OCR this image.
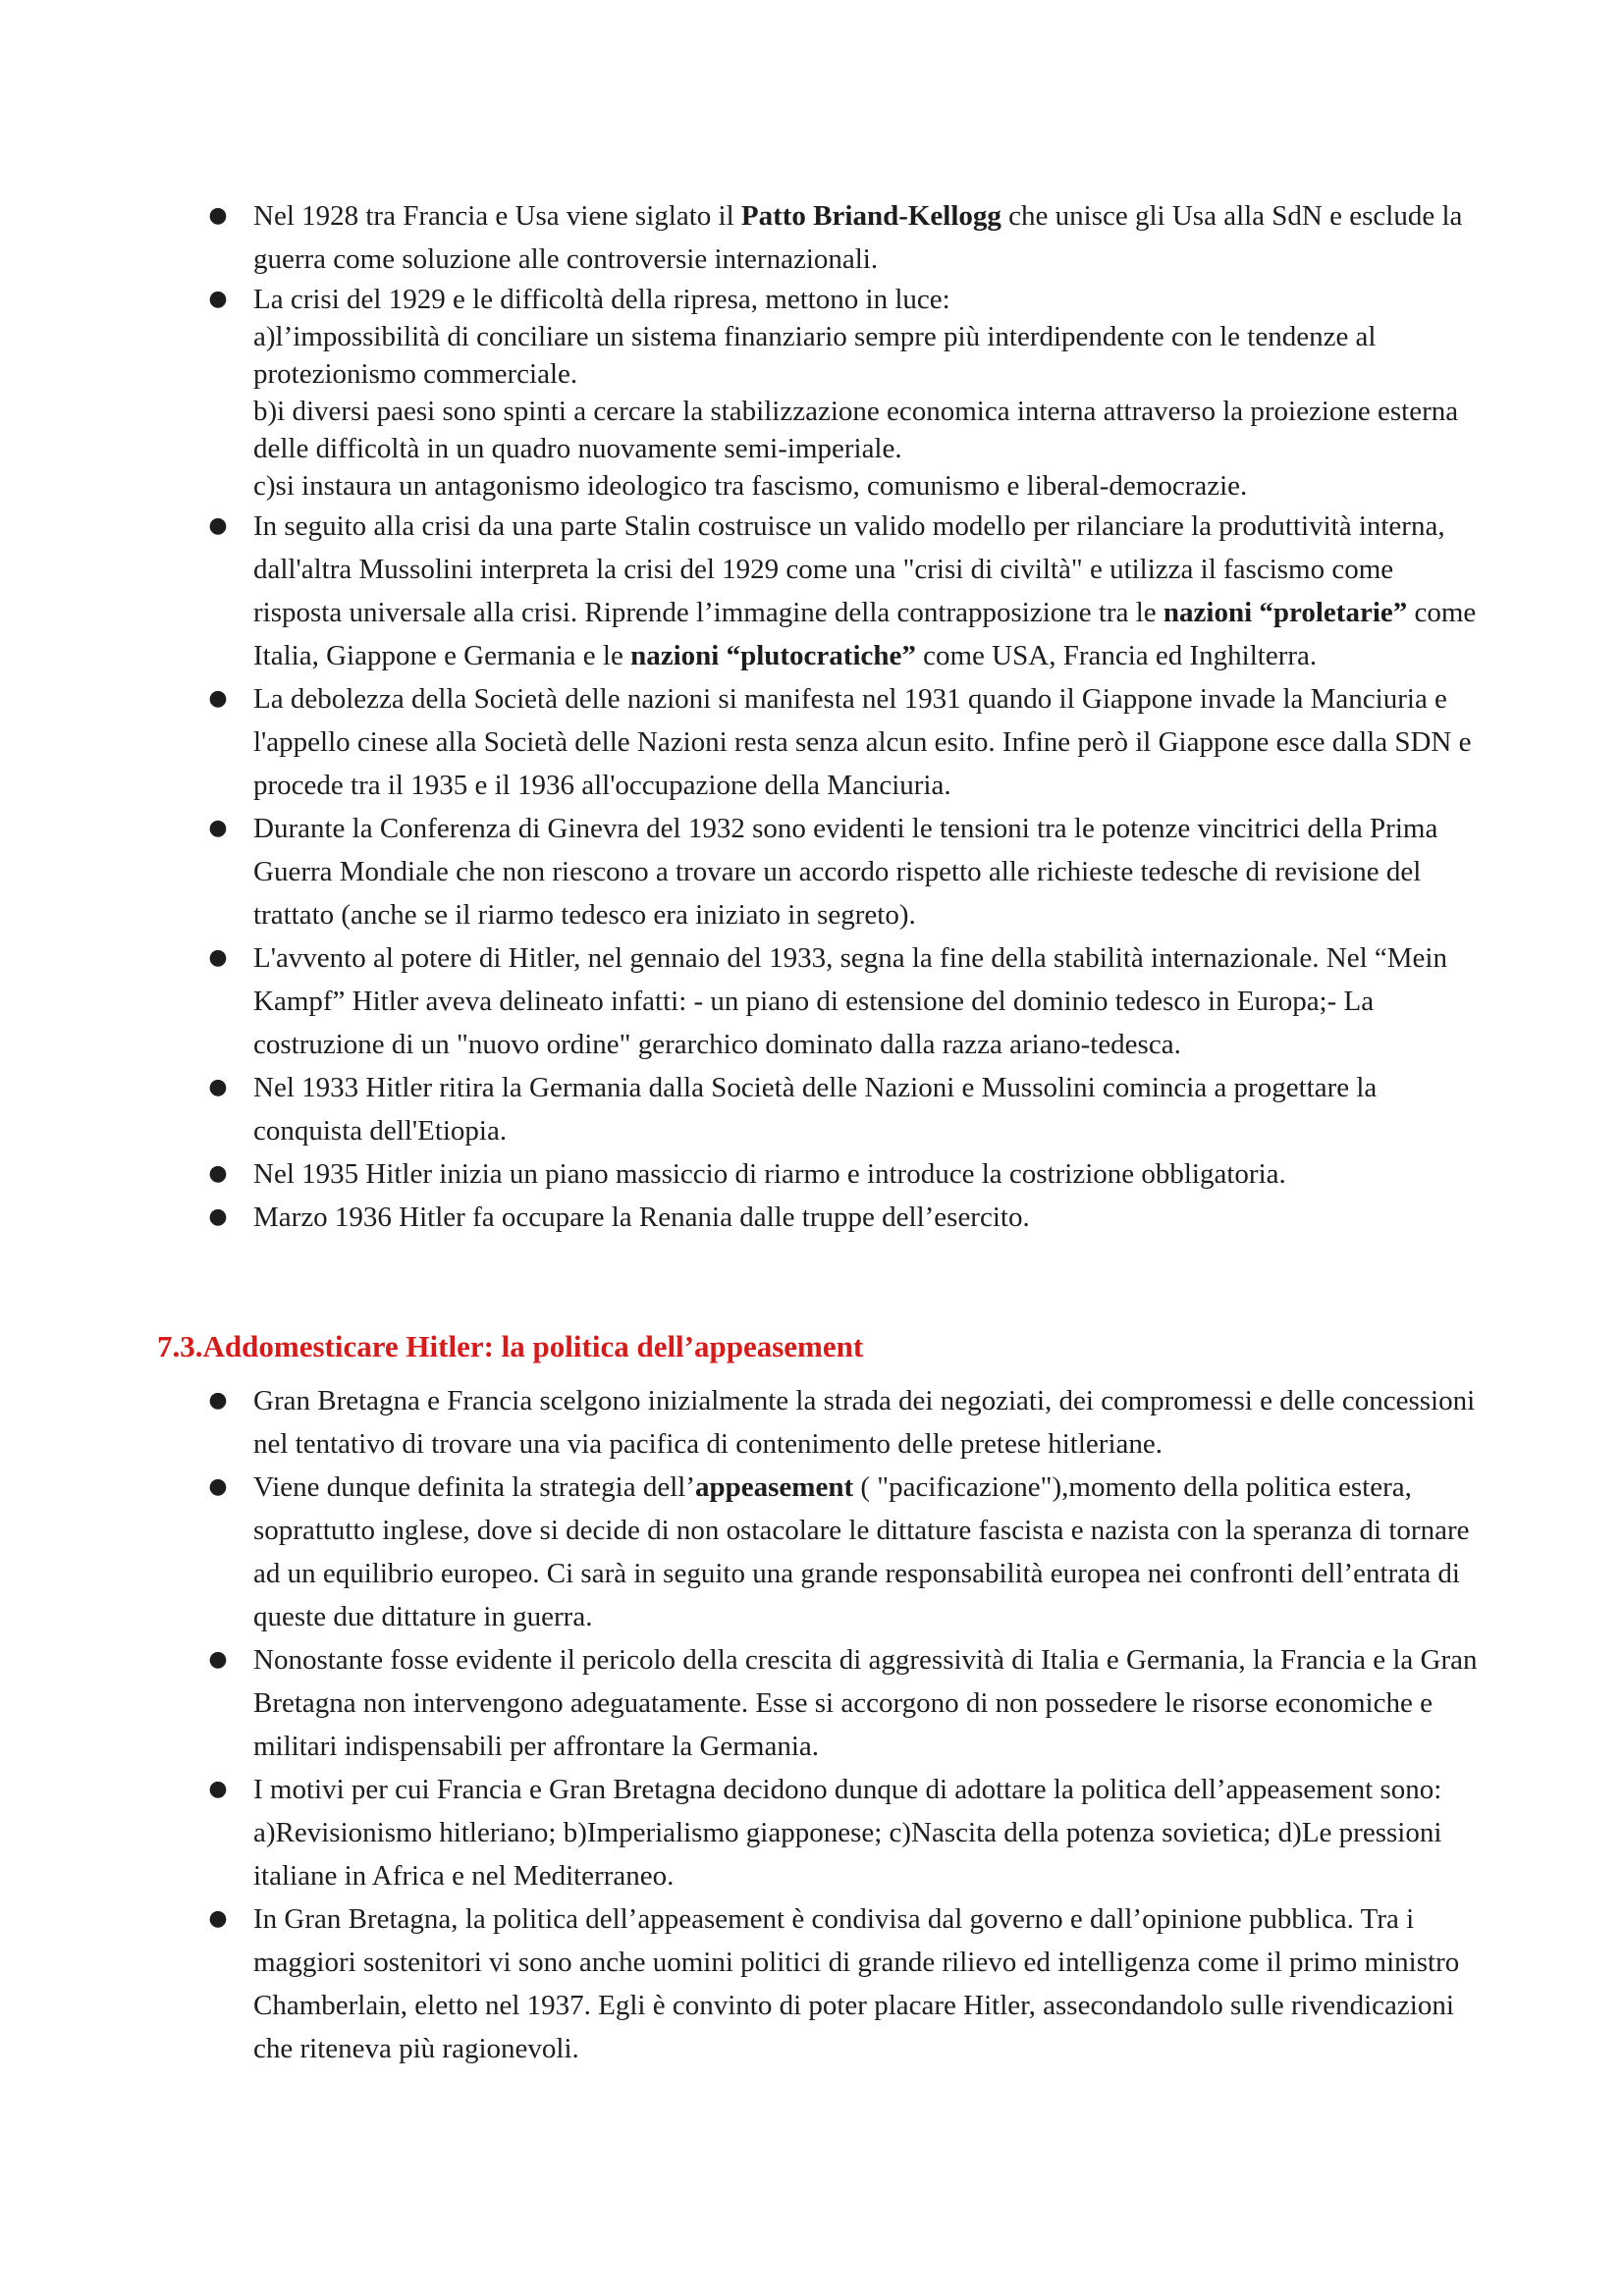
● Nel 1928 tra Francia e Usa viene siglato il Patto Briand-Kellogg che unisce gli Usa alla SdN e esclude la guerra come soluzione alle controversie internazionali.
● La crisi del 1929 e le difficoltà della ripresa, mettono in luce:
a)l’impossibilità di conciliare un sistema finanziario sempre più interdipendente con le tendenze al protezionismo commerciale.
b)i diversi paesi sono spinti a cercare la stabilizzazione economica interna attraverso la proiezione esterna delle difficoltà in un quadro nuovamente semi-imperiale.
c)si instaura un antagonismo ideologico tra fascismo, comunismo e liberal-democrazie.
● In seguito alla crisi da una parte Stalin costruisce un valido modello per rilanciare la produttività interna, dall'altra Mussolini interpreta la crisi del 1929 come una "crisi di civiltà" e utilizza il fascismo come risposta universale alla crisi. Riprende l’immagine della contrapposizione tra le nazioni “proletarie” come Italia, Giappone e Germania e le nazioni “plutocratiche” come USA, Francia ed Inghilterra.
● La debolezza della Società delle nazioni si manifesta nel 1931 quando il Giappone invade la Manciuria e l'appello cinese alla Società delle Nazioni resta senza alcun esito. Infine però il Giappone esce dalla SDN e procede tra il 1935 e il 1936 all'occupazione della Manciuria.
● Durante la Conferenza di Ginevra del 1932 sono evidenti le tensioni tra le potenze vincitrici della Prima Guerra Mondiale che non riescono a trovare un accordo rispetto alle richieste tedesche di revisione del trattato (anche se il riarmo tedesco era iniziato in segreto).
● L'avvento al potere di Hitler, nel gennaio del 1933, segna la fine della stabilità internazionale. Nel “Mein Kampf” Hitler aveva delineato infatti: - un piano di estensione del dominio tedesco in Europa;- La costruzione di un "nuovo ordine" gerarchico dominato dalla razza ariano-tedesca.
● Nel 1933 Hitler ritira la Germania dalla Società delle Nazioni e Mussolini comincia a progettare la conquista dell'Etiopia.
● Nel 1935 Hitler inizia un piano massiccio di riarmo e introduce la costrizione obbligatoria.
● Marzo 1936 Hitler fa occupare la Renania dalle truppe dell’esercito.
7.3.Addomesticare Hitler: la politica dell’appeasement
● Gran Bretagna e Francia scelgono inizialmente la strada dei negoziati, dei compromessi e delle concessioni nel tentativo di trovare una via pacifica di contenimento delle pretese hitleriane.
● Viene dunque definita la strategia dell’appeasement ( "pacificazione"),momento della politica estera, soprattutto inglese, dove si decide di non ostacolare le dittature fascista e nazista con la speranza di tornare ad un equilibrio europeo. Ci sarà in seguito una grande responsabilità europea nei confronti dell’entrata di queste due dittature in guerra.
● Nonostante fosse evidente il pericolo della crescita di aggressività di Italia e Germania, la Francia e la Gran Bretagna non intervengono adeguatamente. Esse si accorgono di non possedere le risorse economiche e militari indispensabili per affrontare la Germania.
● I motivi per cui Francia e Gran Bretagna decidono dunque di adottare la politica dell’appeasement sono: a)Revisionismo hitleriano; b)Imperialismo giapponese; c)Nascita della potenza sovietica; d)Le pressioni italiane in Africa e nel Mediterraneo.
● In Gran Bretagna, la politica dell’appeasement è condivisa dal governo e dall’opinione pubblica. Tra i maggiori sostenitori vi sono anche uomini politici di grande rilievo ed intelligenza come il primo ministro Chamberlain, eletto nel 1937. Egli è convinto di poter placare Hitler, assecondandolo sulle rivendicazioni che riteneva più ragionevoli.
